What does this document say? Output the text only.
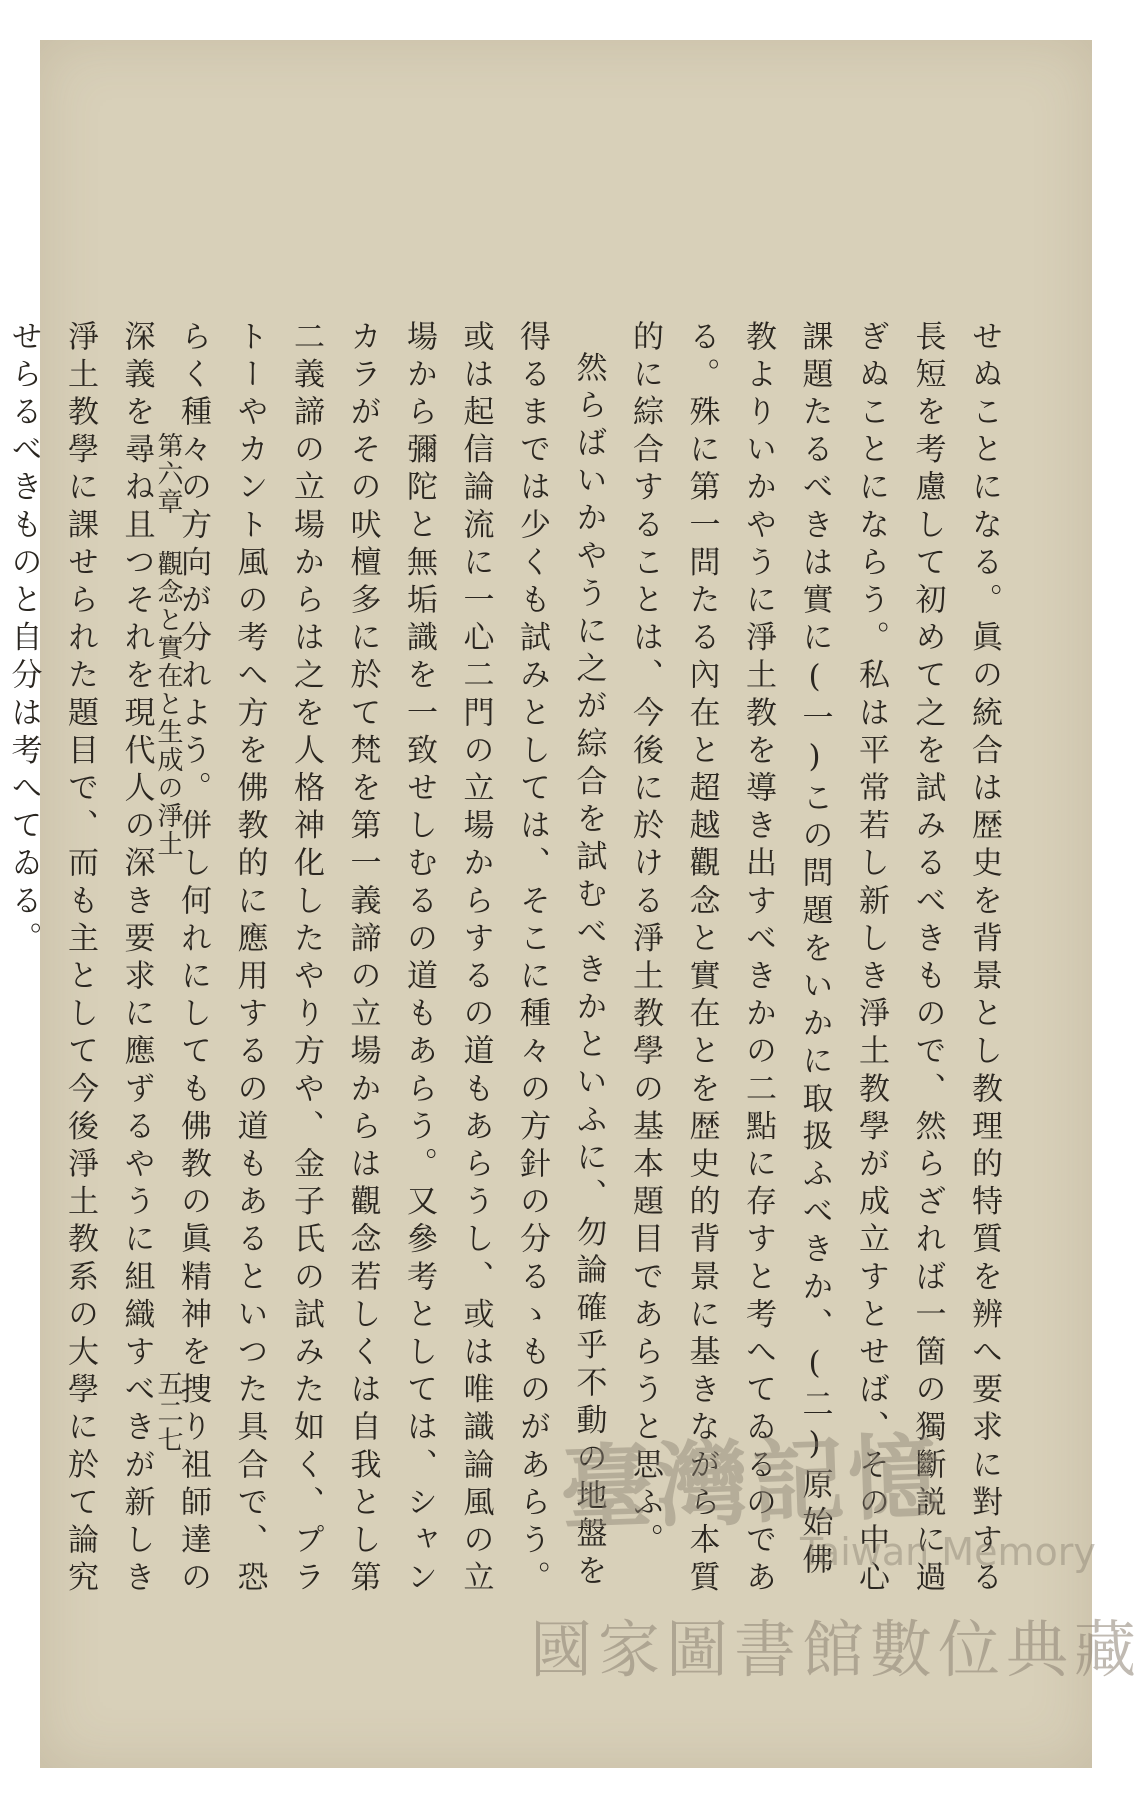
せぬことになる。眞の統合は歴史を背景とし教理的特質を辨へ要求に對する長短を考慮して初めて之を試みるべきもので、然らざれば一箇の獨斷説に過ぎぬことにならう。私は平常若し新しき淨土教學が成立すとせば、その中心課題たるべきは實に(一)この問題をいかに取扱ふべきか、(二)原始佛教よりいかやうに淨土教を導き出すべきかの二點に存すと考へてゐるのである。殊に第一問たる內在と超越觀念と實在とを歴史的背景に基きながら本質的に綜合することは、今後に於ける淨土教學の基本題目であらうと思ふ。

然らばいかやうに之が綜合を試むべきかといふに、勿論確乎不動の地盤を得るまでは少くも試みとしては、そこに種々の方針の分るゝものがあらう。或は起信論流に一心二門の立場からするの道もあらうし、或は唯識論風の立場から彌陀と無垢識を一致せしむるの道もあらう。又參考としては、シャンカラがその吠檀多に於て梵を第一義諦の立場からは觀念若しくは自我とし第二義諦の立場からは之を人格神化したやり方や、金子氏の試みた如く、プラトーやカント風の考へ方を佛教的に應用するの道もあるといつた具合で、恐らく種々の方向が分れよう。併し何れにしても佛教の眞精神を捜り祖師達の深義を尋ね且つそれを現代人の深き要求に應ずるやうに組織すべきが新しき淨土教學に課せられた題目で、而も主として今後淨土教系の大學に於て論究せらるべきものと自分は考へてゐる。	第六章觀念と實在と生成の淨土
五二七
臺灣記憶
Taiwan Memory
國家圖書館數位典藏
